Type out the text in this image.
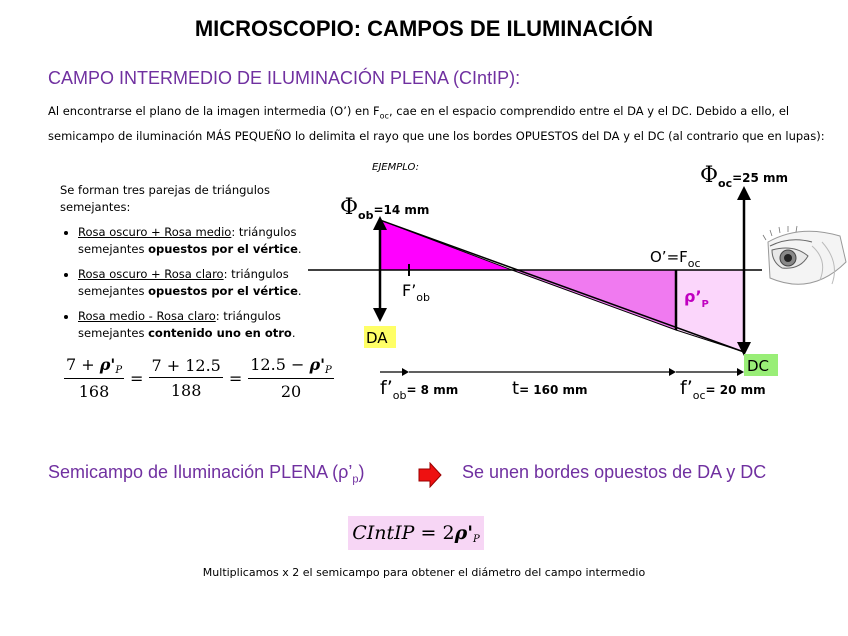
MICROSCOPIO: CAMPOS DE ILUMINACIÓN
CAMPO INTERMEDIO DE ILUMINACIÓN PLENA (CIntIP):
Al encontrarse el plano de la imagen intermedia (O’) en $F_{oc}$, cae en el espacio comprendido entre el DA y el DC. Debido a ello, el semicampo de iluminación MÁS PEQUEÑO lo delimita el rayo que une los bordes OPUESTOS del DA y el DC (al contrario que en lupas):
Se forman tres parejas de triángulos semejantes:
• Rosa oscuro + Rosa medio: triángulos semejantes opuestos por el vértice.
• Rosa oscuro + Rosa claro: triángulos semejantes opuestos por el vértice.
• Rosa medio - Rosa claro: triángulos semejantes contenido uno en otro.
$\frac{7 + \rho'_P}{168} = \frac{7 + 12.5}{188} = \frac{12.5 - \rho'_P}{20}$
EJEMPLO:
DA
DC
Φob=14 mm
Φoc=25 mm
$F’_{ob}$
$O’=F_{oc}$
$\rho’_P$
f’ob= 8 mm	t= 160 mm	f’oc= 20 mm
Semicampo de Iluminación PLENA $(\rho’_p)$	Se unen bordes opuestos de DA y DC
CIntIP = $2\rho'_P$
Multiplicamos x 2 el semicampo para obtener el diámetro del campo intermedio
